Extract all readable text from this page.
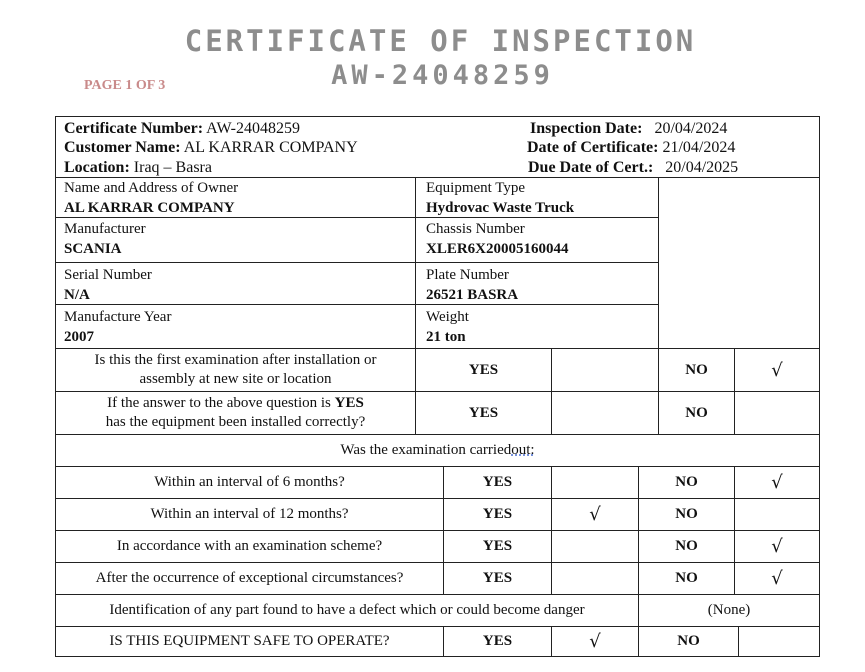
CERTIFICATE OF INSPECTION
AW-24048259
PAGE 1 OF 3
Certificate Number: AW-24048259
Customer Name: AL KARRAR COMPANY
Location: Iraq – Basra
Inspection Date: 20/04/2024
Date of Certificate: 21/04/2024
Due Date of Cert.: 20/04/2025
Name and Address of Owner
AL KARRAR COMPANY
Equipment Type
Hydrovac Waste Truck
Manufacturer
SCANIA
Chassis Number
XLER6X20005160044
Serial Number
N/A
Plate Number
26521 BASRA
Manufacture Year
2007
Weight
21 ton
Is this the first examination after installation or
assembly at new site or location
YES	NO	√
If the answer to the above question is YES
has the equipment been installed correctly?
YES	NO
Was the examination carried out:
Within an interval of 6 months?	YES	NO	√
Within an interval of 12 months?	YES	√	NO
In accordance with an examination scheme?	YES	NO	√
After the occurrence of exceptional circumstances?	YES	NO	√
Identification of any part found to have a defect which or could become danger	(None)
IS THIS EQUIPMENT SAFE TO OPERATE?	YES	√	NO
